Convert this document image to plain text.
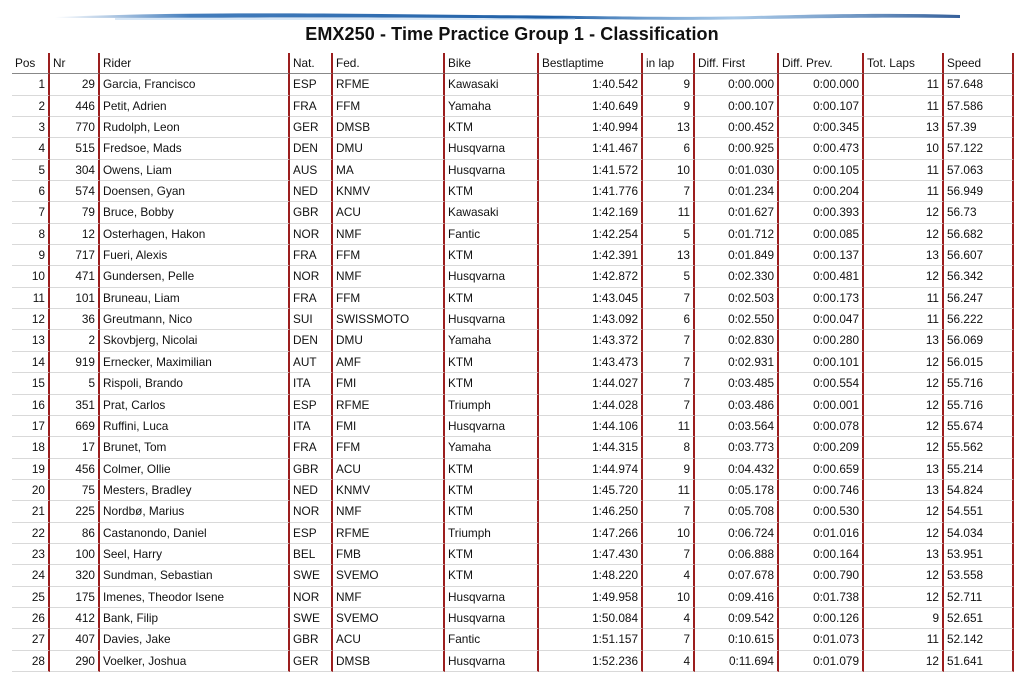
EMX250 - Time Practice Group 1 - Classification
Pos	Nr	Rider	Nat.	Fed.	Bike	Bestlaptime	in lap	Diff. First	Diff. Prev.	Tot. Laps	Speed
1	29 Garcia, Francisco	ESP	RFME	Kawasaki	1:40.542	9	0:00.000	0:00.000	11 57.648
2	446 Petit, Adrien	FRA	FFM	Yamaha	1:40.649	9	0:00.107	0:00.107	11 57.586
3	770 Rudolph, Leon	GER	DMSB	KTM	1:40.994	13	0:00.452	0:00.345	13 57.39
4	515 Fredsoe, Mads	DEN	DMU	Husqvarna	1:41.467	6	0:00.925	0:00.473	10 57.122
5	304 Owens, Liam	AUS	MA	Husqvarna	1:41.572	10	0:01.030	0:00.105	11 57.063
6	574 Doensen, Gyan	NED	KNMV	KTM	1:41.776	7	0:01.234	0:00.204	11 56.949
7	79 Bruce, Bobby	GBR	ACU	Kawasaki	1:42.169	11	0:01.627	0:00.393	12 56.73
8	12 Osterhagen, Hakon	NOR	NMF	Fantic	1:42.254	5	0:01.712	0:00.085	12 56.682
9	717 Fueri, Alexis	FRA	FFM	KTM	1:42.391	13	0:01.849	0:00.137	13 56.607
10	471 Gundersen, Pelle	NOR	NMF	Husqvarna	1:42.872	5	0:02.330	0:00.481	12 56.342
11	101 Bruneau, Liam	FRA	FFM	KTM	1:43.045	7	0:02.503	0:00.173	11 56.247
12	36 Greutmann, Nico	SUI	SWISSMOTO	Husqvarna	1:43.092	6	0:02.550	0:00.047	11 56.222
13	2 Skovbjerg, Nicolai	DEN	DMU	Yamaha	1:43.372	7	0:02.830	0:00.280	13 56.069
14	919 Ernecker, Maximilian	AUT	AMF	KTM	1:43.473	7	0:02.931	0:00.101	12 56.015
15	5 Rispoli, Brando	ITA	FMI	KTM	1:44.027	7	0:03.485	0:00.554	12 55.716
16	351 Prat, Carlos	ESP	RFME	Triumph	1:44.028	7	0:03.486	0:00.001	12 55.716
17	669 Ruffini, Luca	ITA	FMI	Husqvarna	1:44.106	11	0:03.564	0:00.078	12 55.674
18	17 Brunet, Tom	FRA	FFM	Yamaha	1:44.315	8	0:03.773	0:00.209	12 55.562
19	456 Colmer, Ollie	GBR	ACU	KTM	1:44.974	9	0:04.432	0:00.659	13 55.214
20	75 Mesters, Bradley	NED	KNMV	KTM	1:45.720	11	0:05.178	0:00.746	13 54.824
21	225 Nordbø, Marius	NOR	NMF	KTM	1:46.250	7	0:05.708	0:00.530	12 54.551
22	86 Castanondo, Daniel	ESP	RFME	Triumph	1:47.266	10	0:06.724	0:01.016	12 54.034
23	100 Seel, Harry	BEL	FMB	KTM	1:47.430	7	0:06.888	0:00.164	13 53.951
24	320 Sundman, Sebastian	SWE	SVEMO	KTM	1:48.220	4	0:07.678	0:00.790	12 53.558
25	175 Imenes, Theodor Isene	NOR	NMF	Husqvarna	1:49.958	10	0:09.416	0:01.738	12 52.711
26	412 Bank, Filip	SWE	SVEMO	Husqvarna	1:50.084	4	0:09.542	0:00.126	9 52.651
27	407 Davies, Jake	GBR	ACU	Fantic	1:51.157	7	0:10.615	0:01.073	11 52.142
28	290 Voelker, Joshua	GER	DMSB	Husqvarna	1:52.236	4	0:11.694	0:01.079	12 51.641
